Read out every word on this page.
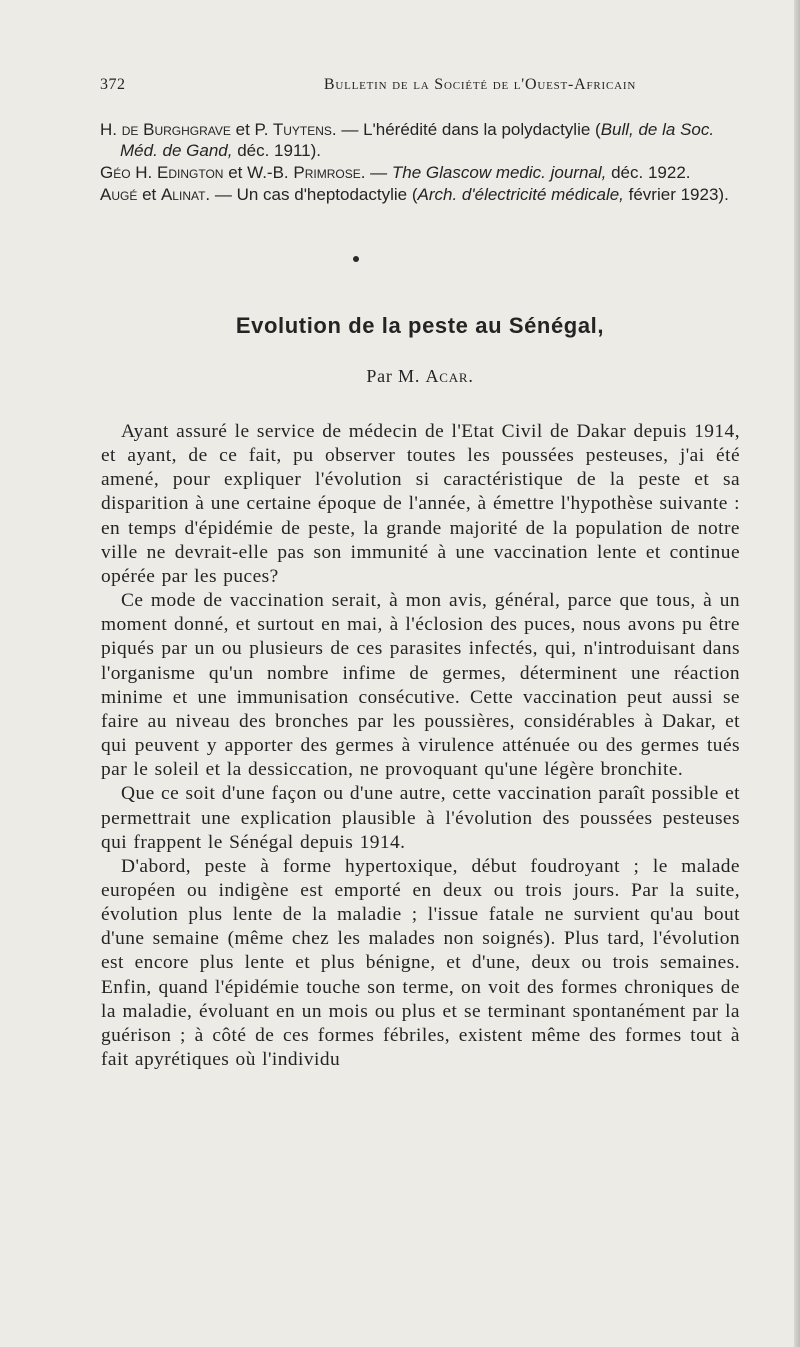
372	Bulletin de la Société de l'Ouest-Africain

H. de Burghgrave et P. Tuytens. — L'hérédité dans la polydactylie (Bull, de la Soc. Méd. de Gand, déc. 1911).

Géo H. Edington et W.-B. Primrose. — The Glascow medic. journal, déc. 1922.

Augé et Alinat. — Un cas d'heptodactylie (Arch. d'électricité médicale, février 1923).

Evolution de la peste au Sénégal,
Par M. Acar.

Ayant assuré le service de médecin de l'Etat Civil de Dakar depuis 1914, et ayant, de ce fait, pu observer toutes les poussées pesteuses, j'ai été amené, pour expliquer l'évolution si caractéristique de la peste et sa disparition à une certaine époque de l'année, à émettre l'hypothèse suivante : en temps d'épidémie de peste, la grande majorité de la population de notre ville ne devrait-elle pas son immunité à une vaccination lente et continue opérée par les puces?

Ce mode de vaccination serait, à mon avis, général, parce que tous, à un moment donné, et surtout en mai, à l'éclosion des puces, nous avons pu être piqués par un ou plusieurs de ces parasites infectés, qui, n'introduisant dans l'organisme qu'un nombre infime de germes, déterminent une réaction minime et une immunisation consécutive. Cette vaccination peut aussi se faire au niveau des bronches par les poussières, considérables à Dakar, et qui peuvent y apporter des germes à virulence atténuée ou des germes tués par le soleil et la dessiccation, ne provoquant qu'une légère bronchite.

Que ce soit d'une façon ou d'une autre, cette vaccination paraît possible et permettrait une explication plausible à l'évolution des poussées pesteuses qui frappent le Sénégal depuis 1914.

D'abord, peste à forme hypertoxique, début foudroyant ; le malade européen ou indigène est emporté en deux ou trois jours. Par la suite, évolution plus lente de la maladie ; l'issue fatale ne survient qu'au bout d'une semaine (même chez les malades non soignés). Plus tard, l'évolution est encore plus lente et plus bénigne, et d'une, deux ou trois semaines. Enfin, quand l'épidémie touche son terme, on voit des formes chroniques de la maladie, évoluant en un mois ou plus et se terminant spontanément par la guérison ; à côté de ces formes fébriles, existent même des formes tout à fait apyrétiques où l'individu
